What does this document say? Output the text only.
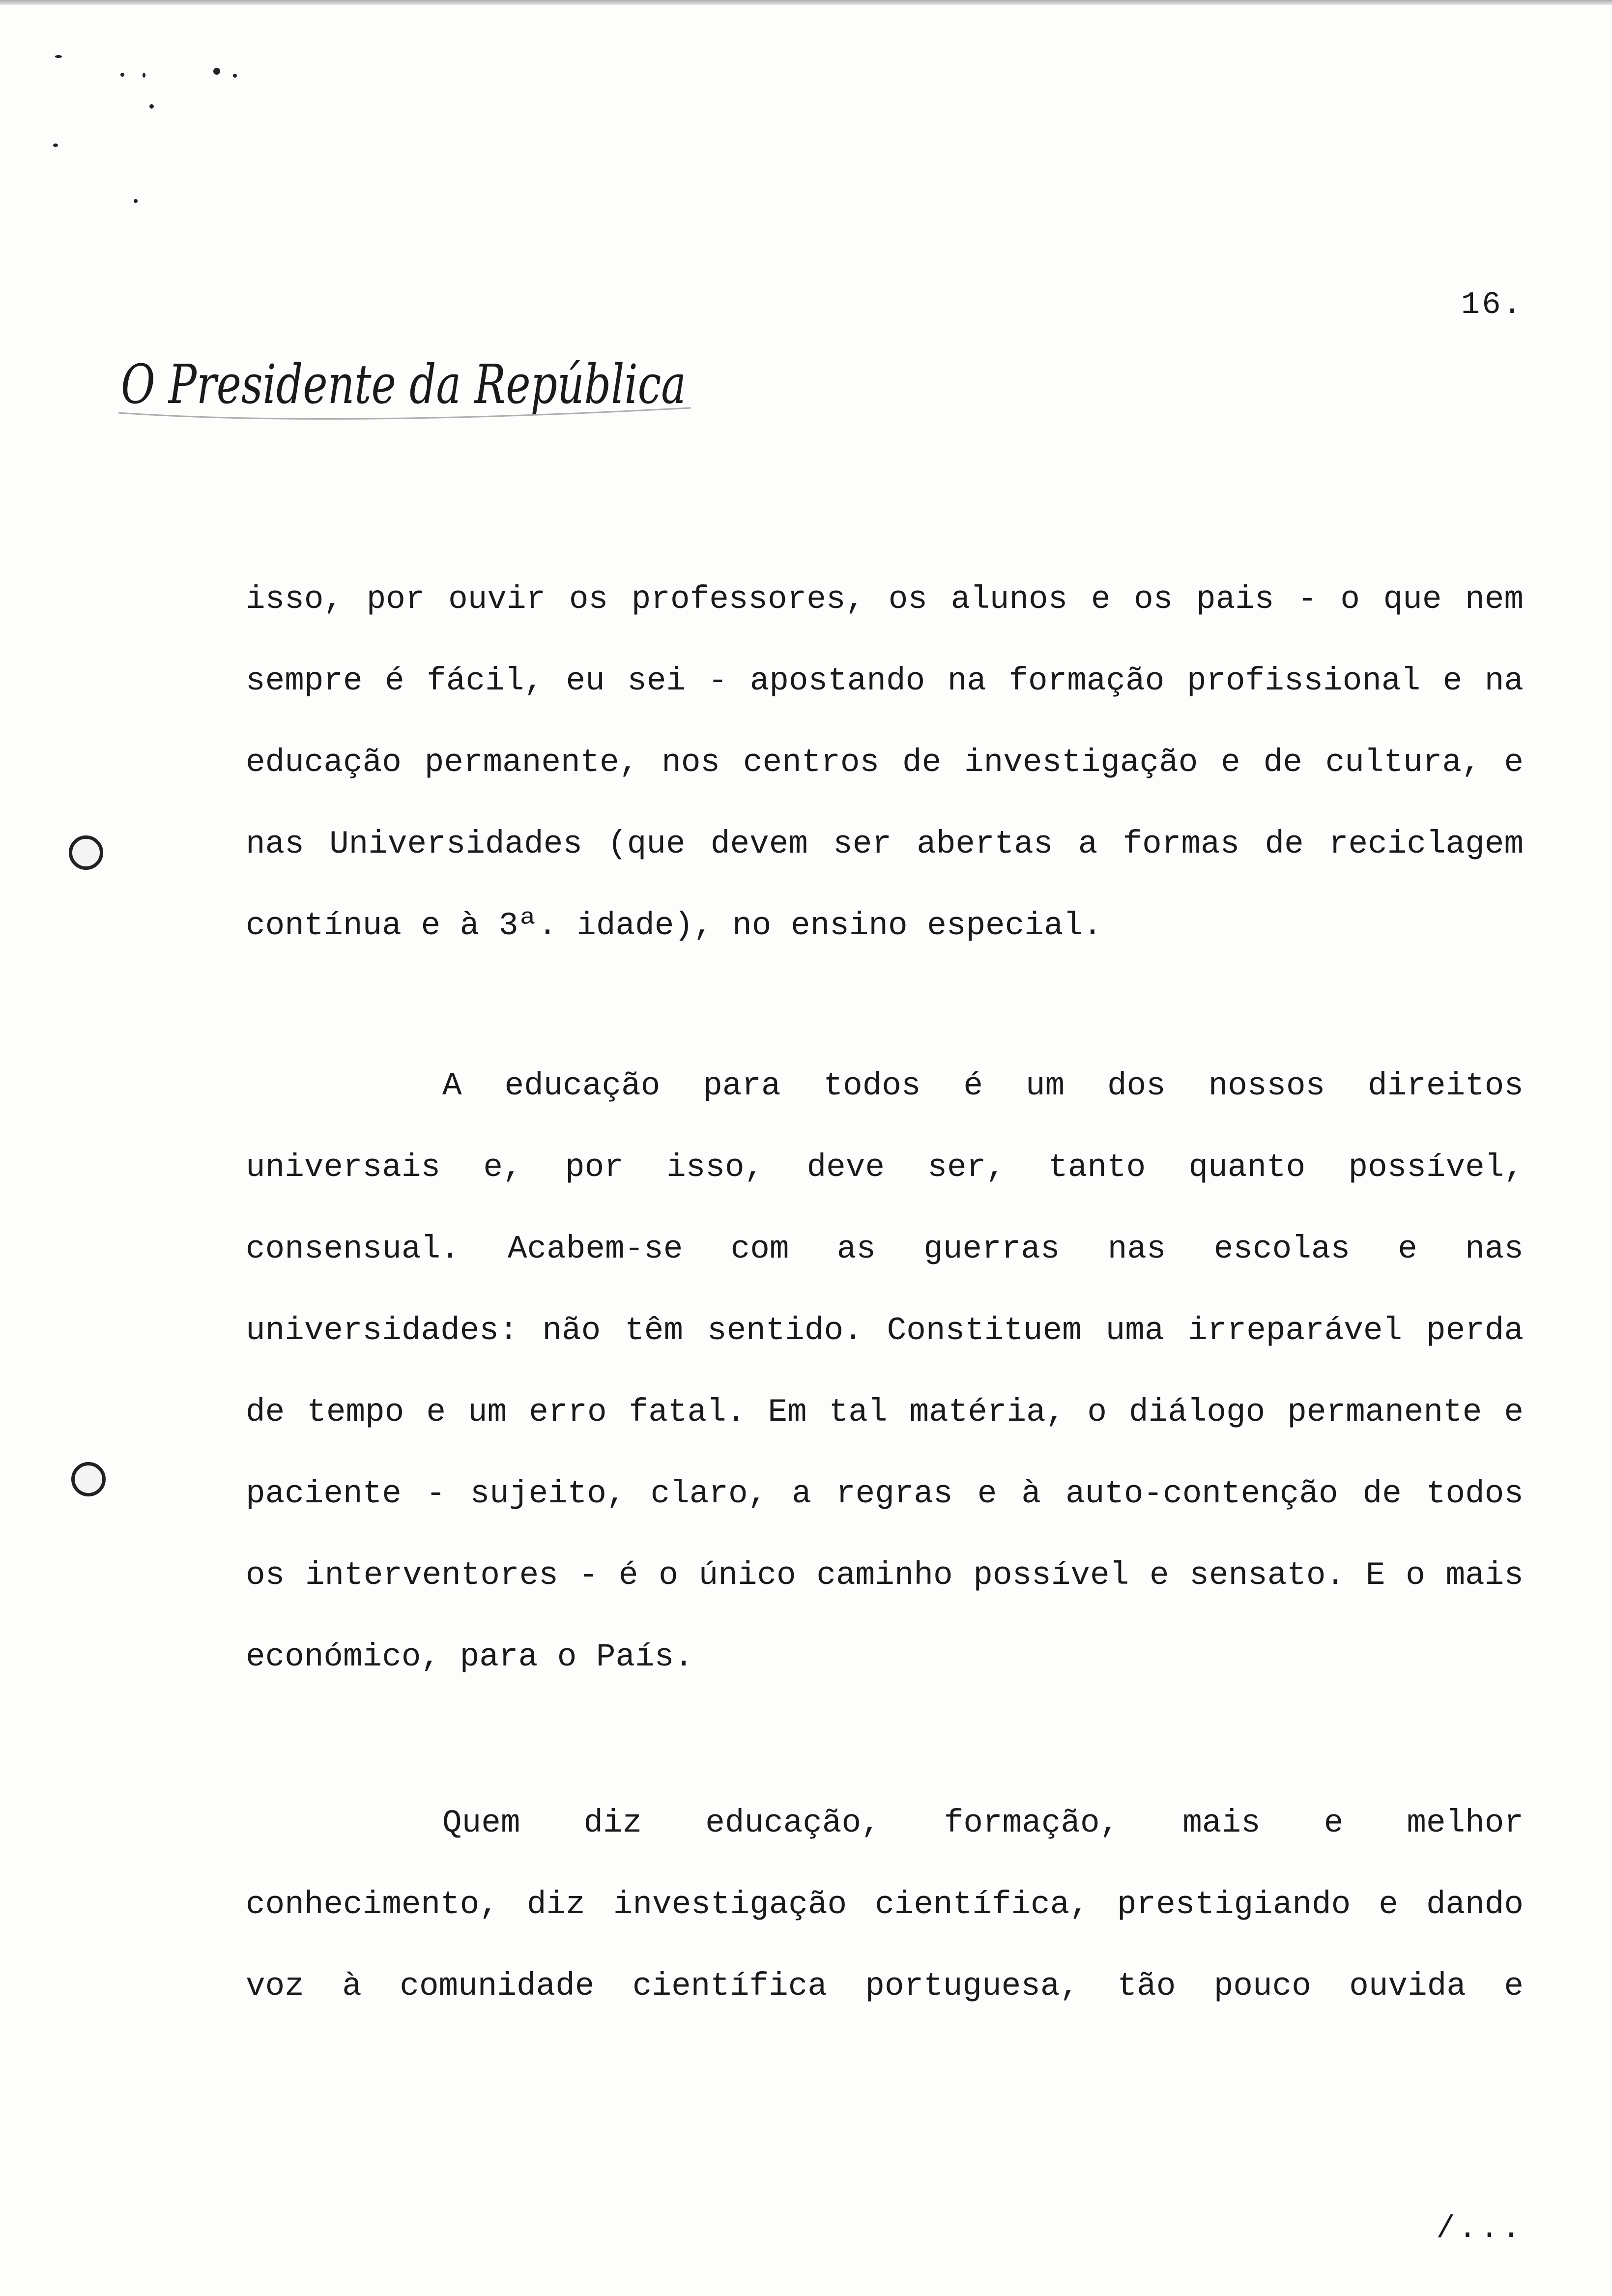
16.
O Presidente da República
isso, por ouvir os professores, os alunos e os pais - o que nem
sempre é fácil, eu sei - apostando na formação profissional e na
educação permanente, nos centros de investigação e de cultura, e
nas Universidades (que devem ser abertas a formas de reciclagem
contínua e à 3ª. idade), no ensino especial.
A educação para todos é um dos nossos direitos
universais e, por isso, deve ser, tanto quanto possível,
consensual. Acabem-se com as guerras nas escolas e nas
universidades: não têm sentido. Constituem uma irreparável perda
de tempo e um erro fatal. Em tal matéria, o diálogo permanente e
paciente - sujeito, claro, a regras e à auto-contenção de todos
os interventores - é o único caminho possível e sensato. E o mais
económico, para o País.
Quem diz educação, formação, mais e melhor
conhecimento, diz investigação científica, prestigiando e dando
voz à comunidade científica portuguesa, tão pouco ouvida e
/...
